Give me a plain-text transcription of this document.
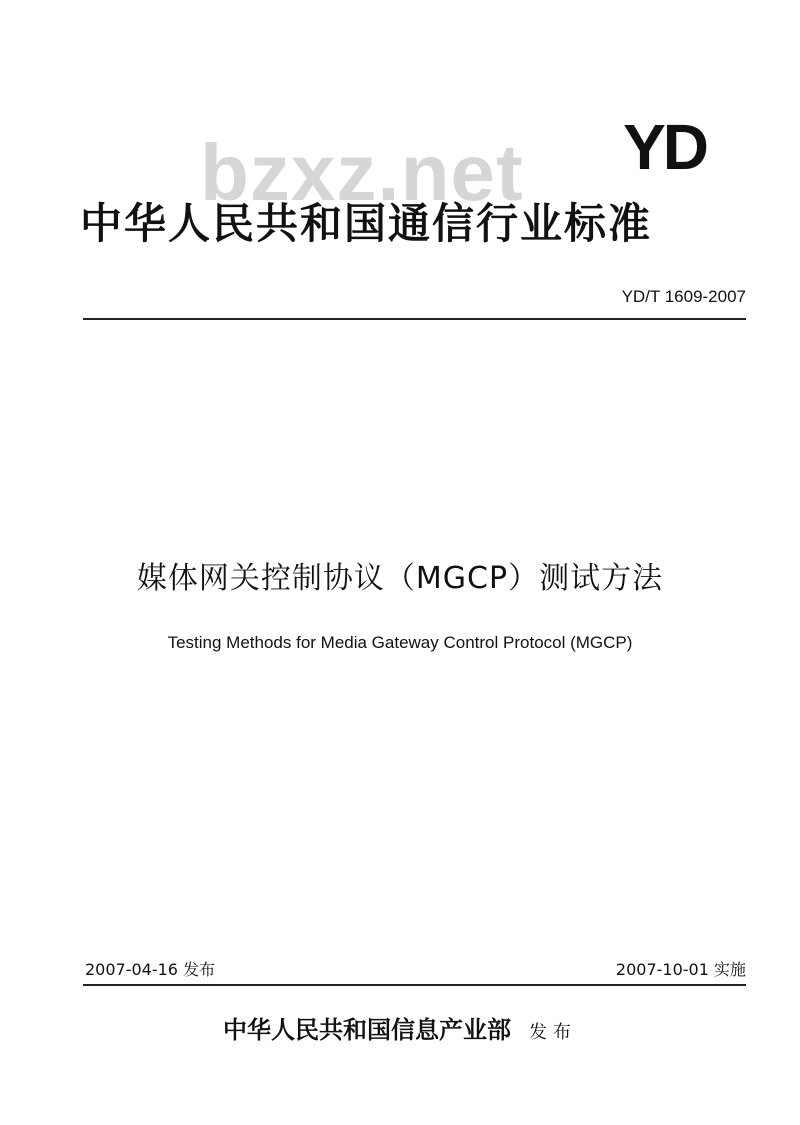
bzxz.net	YD
中华人民共和国通信行业标准
YD/T 1609-2007
媒体网关控制协议（MGCP）测试方法
Testing Methods for Media Gateway Control Protocol (MGCP)
2007-04-16 发布	2007-10-01 实施
中华人民共和国信息产业部 发布
